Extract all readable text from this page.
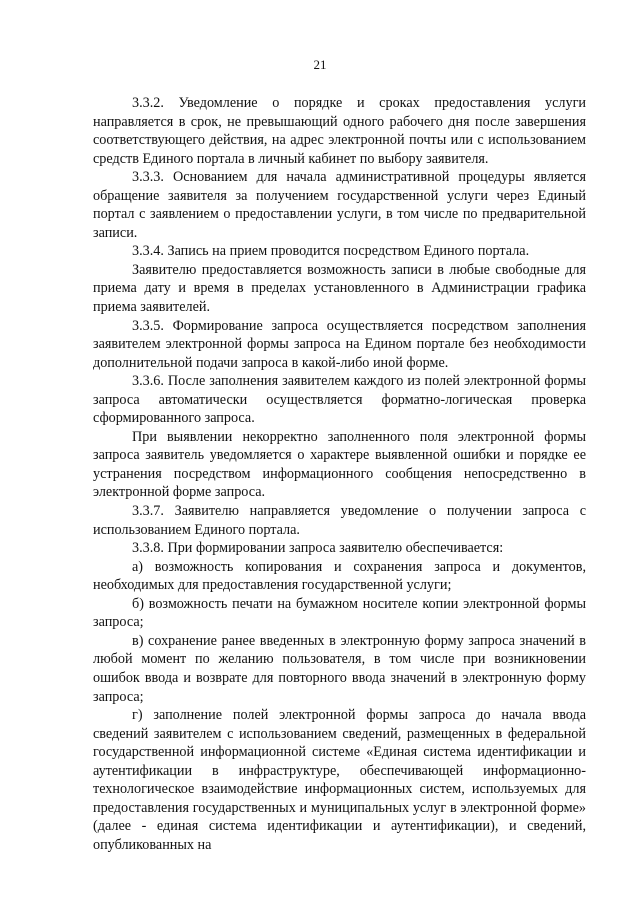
21

3.3.2. Уведомление о порядке и сроках предоставления услуги направляется в срок, не превышающий одного рабочего дня после завершения соответствующего действия, на адрес электронной почты или с использованием средств Единого портала в личный кабинет по выбору заявителя.

3.3.3. Основанием для начала административной процедуры является обращение заявителя за получением государственной услуги через Единый портал с заявлением о предоставлении услуги, в том числе по предварительной записи.

3.3.4. Запись на прием проводится посредством Единого портала.

Заявителю предоставляется возможность записи в любые свободные для приема дату и время в пределах установленного в Администрации графика приема заявителей.

3.3.5. Формирование запроса осуществляется посредством заполнения заявителем электронной формы запроса на Едином портале без необходимости дополнительной подачи запроса в какой-либо иной форме.

3.3.6. После заполнения заявителем каждого из полей электронной формы запроса автоматически осуществляется форматно-логическая проверка сформированного запроса.

При выявлении некорректно заполненного поля электронной формы запроса заявитель уведомляется о характере выявленной ошибки и порядке ее устранения посредством информационного сообщения непосредственно в электронной форме запроса.

3.3.7. Заявителю направляется уведомление о получении запроса с использованием Единого портала.

3.3.8. При формировании запроса заявителю обеспечивается:

а) возможность копирования и сохранения запроса и документов, необходимых для предоставления государственной услуги;

б) возможность печати на бумажном носителе копии электронной формы запроса;

в) сохранение ранее введенных в электронную форму запроса значений в любой момент по желанию пользователя, в том числе при возникновении ошибок ввода и возврате для повторного ввода значений в электронную форму запроса;

г) заполнение полей электронной формы запроса до начала ввода сведений заявителем с использованием сведений, размещенных в федеральной государственной информационной системе «Единая система идентификации и аутентификации в инфраструктуре, обеспечивающей информационно-технологическое взаимодействие информационных систем, используемых для предоставления государственных и муниципальных услуг в электронной форме» (далее - единая система идентификации и аутентификации), и сведений, опубликованных на
